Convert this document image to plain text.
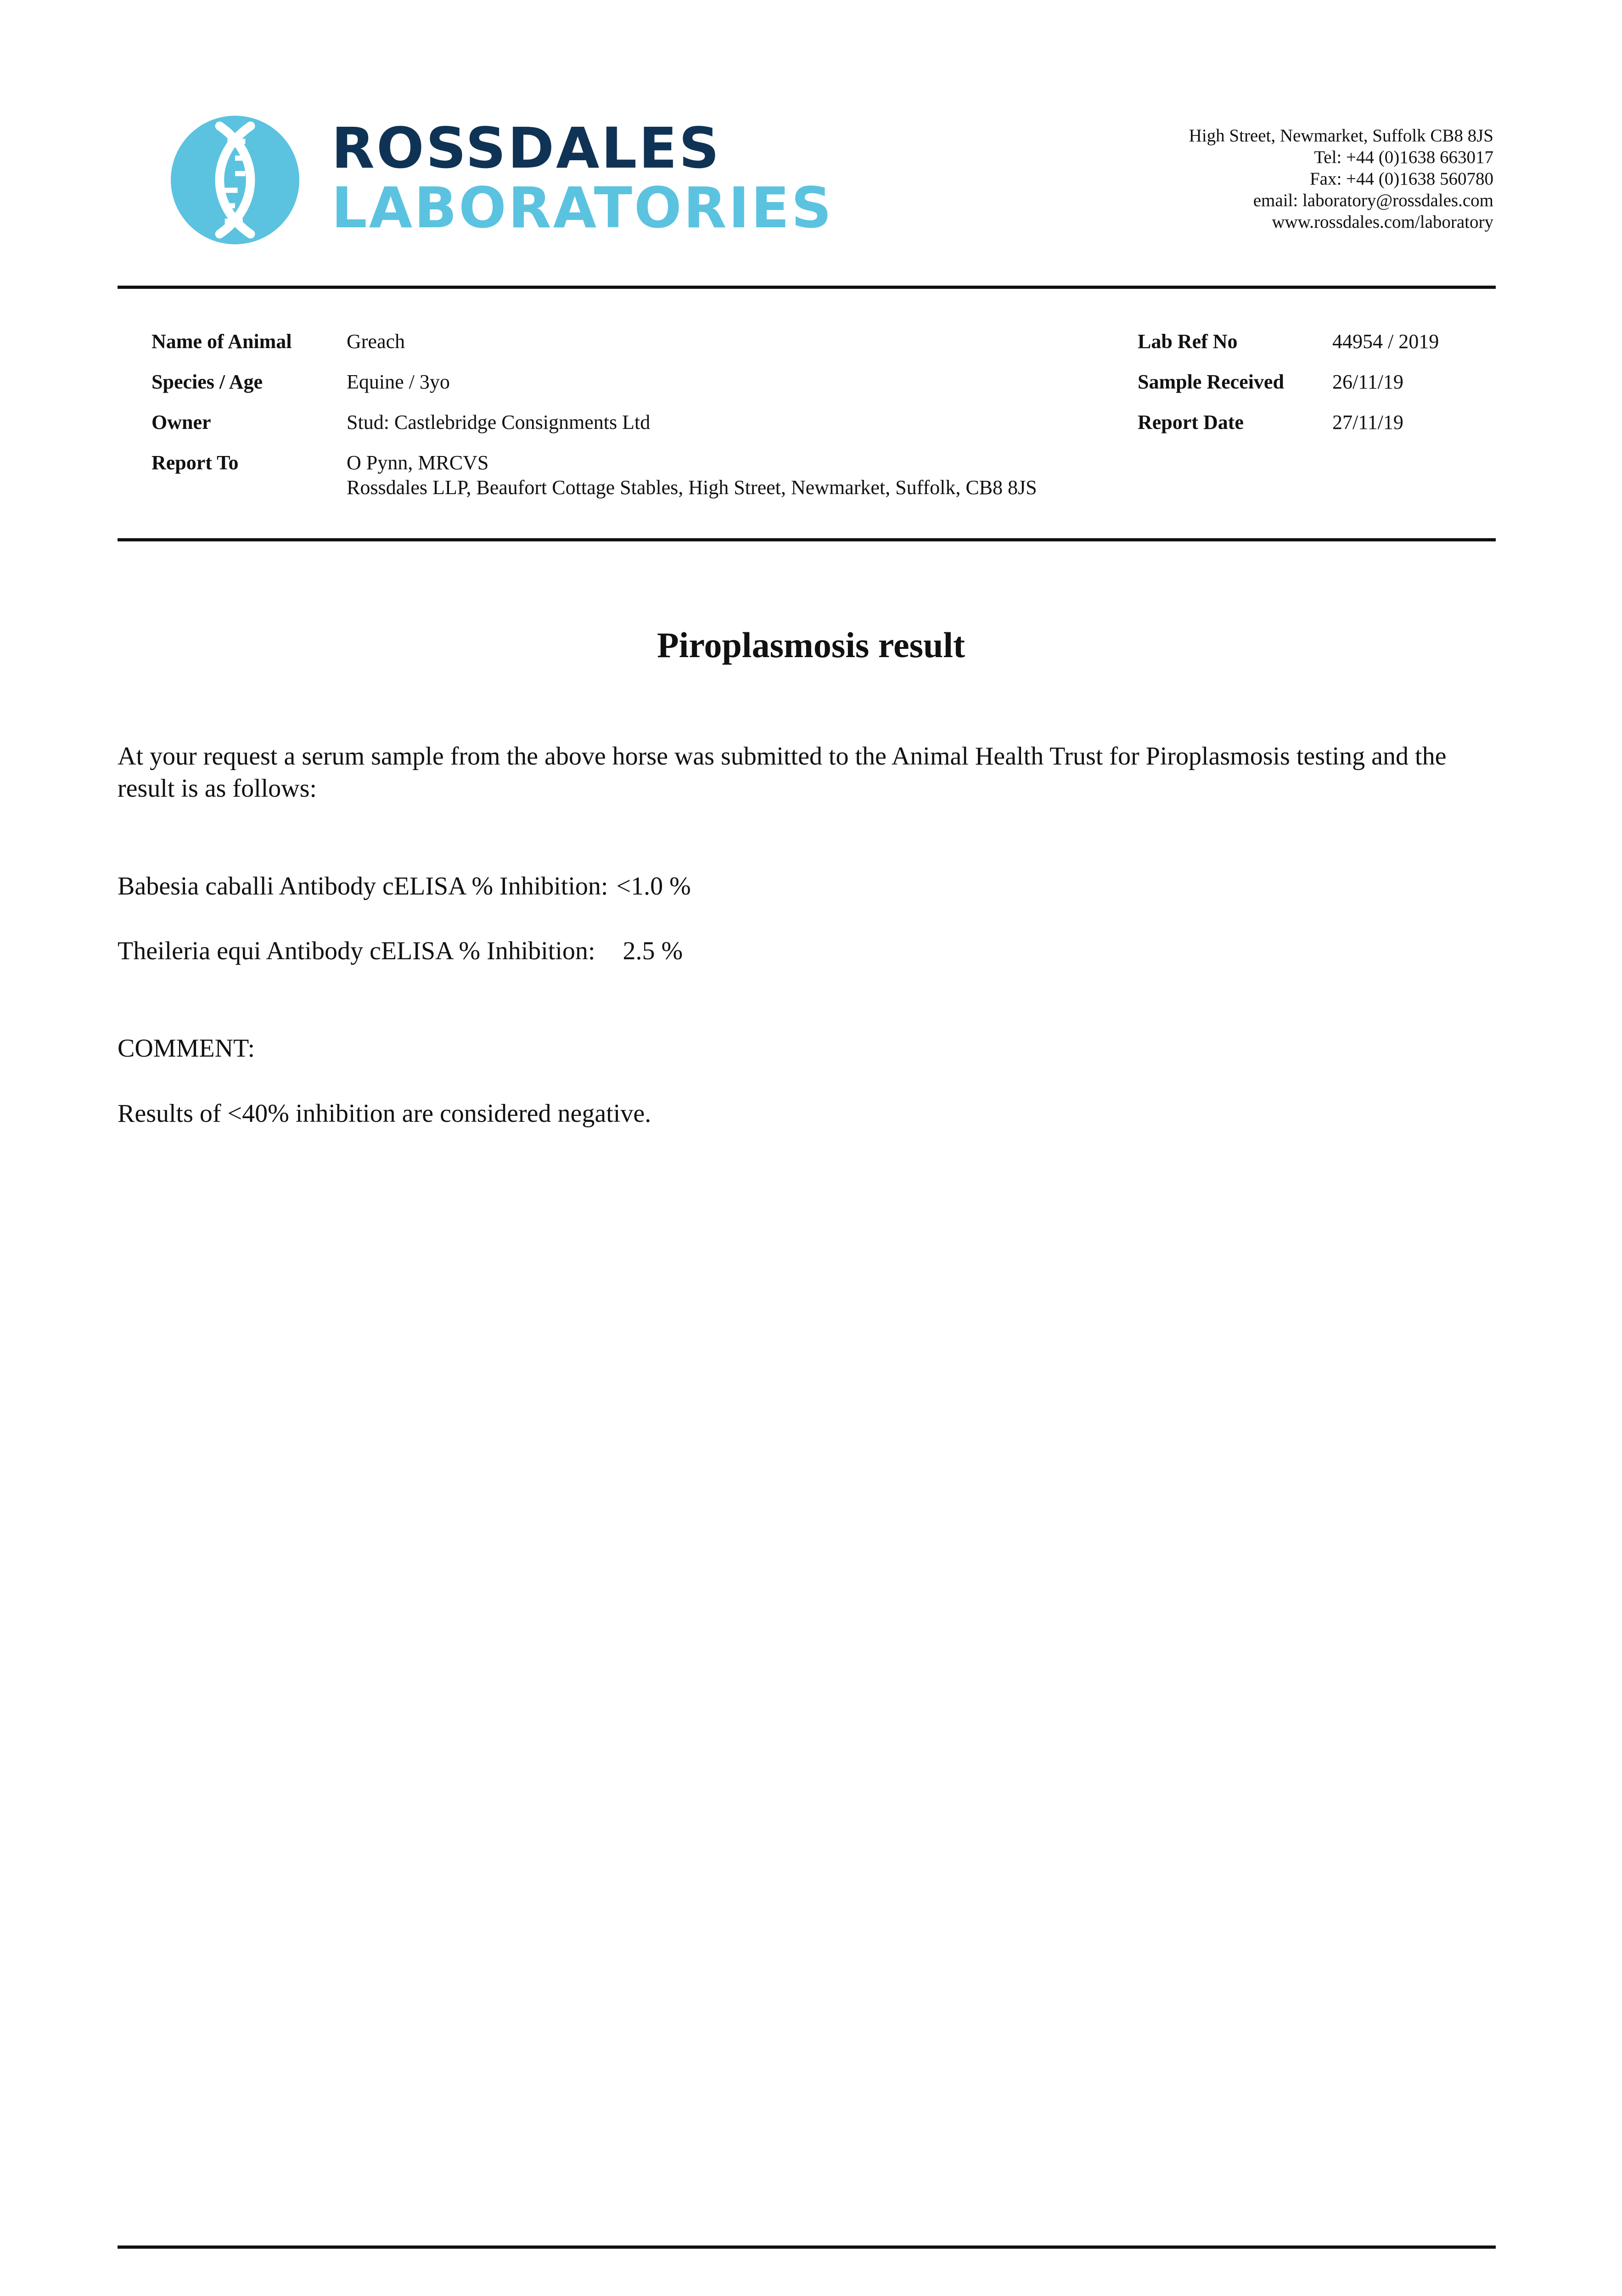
ROSSDALES
LABORATORIES
High Street, Newmarket, Suffolk CB8 8JS
Tel: +44 (0)1638 663017
Fax: +44 (0)1638 560780
email: laboratory@rossdales.com
www.rossdales.com/laboratory
Name of Animal	Greach
Species / Age	Equine / 3yo
Owner	Stud: Castlebridge Consignments Ltd
Report To	O Pynn, MRCVS
Rossdales LLP, Beaufort Cottage Stables, High Street, Newmarket, Suffolk, CB8 8JS
Lab Ref No	44954 / 2019
Sample Received 26/11/19
Report Date	27/11/19
Piroplasmosis result
At your request a serum sample from the above horse was submitted to the Animal Health Trust for Piroplasmosis testing and the result is as follows:
Babesia caballi Antibody cELISA % Inhibition: <1.0 %
Theileria equi Antibody cELISA % Inhibition: 2.5 %
COMMENT:
Results of <40% inhibition are considered negative.
